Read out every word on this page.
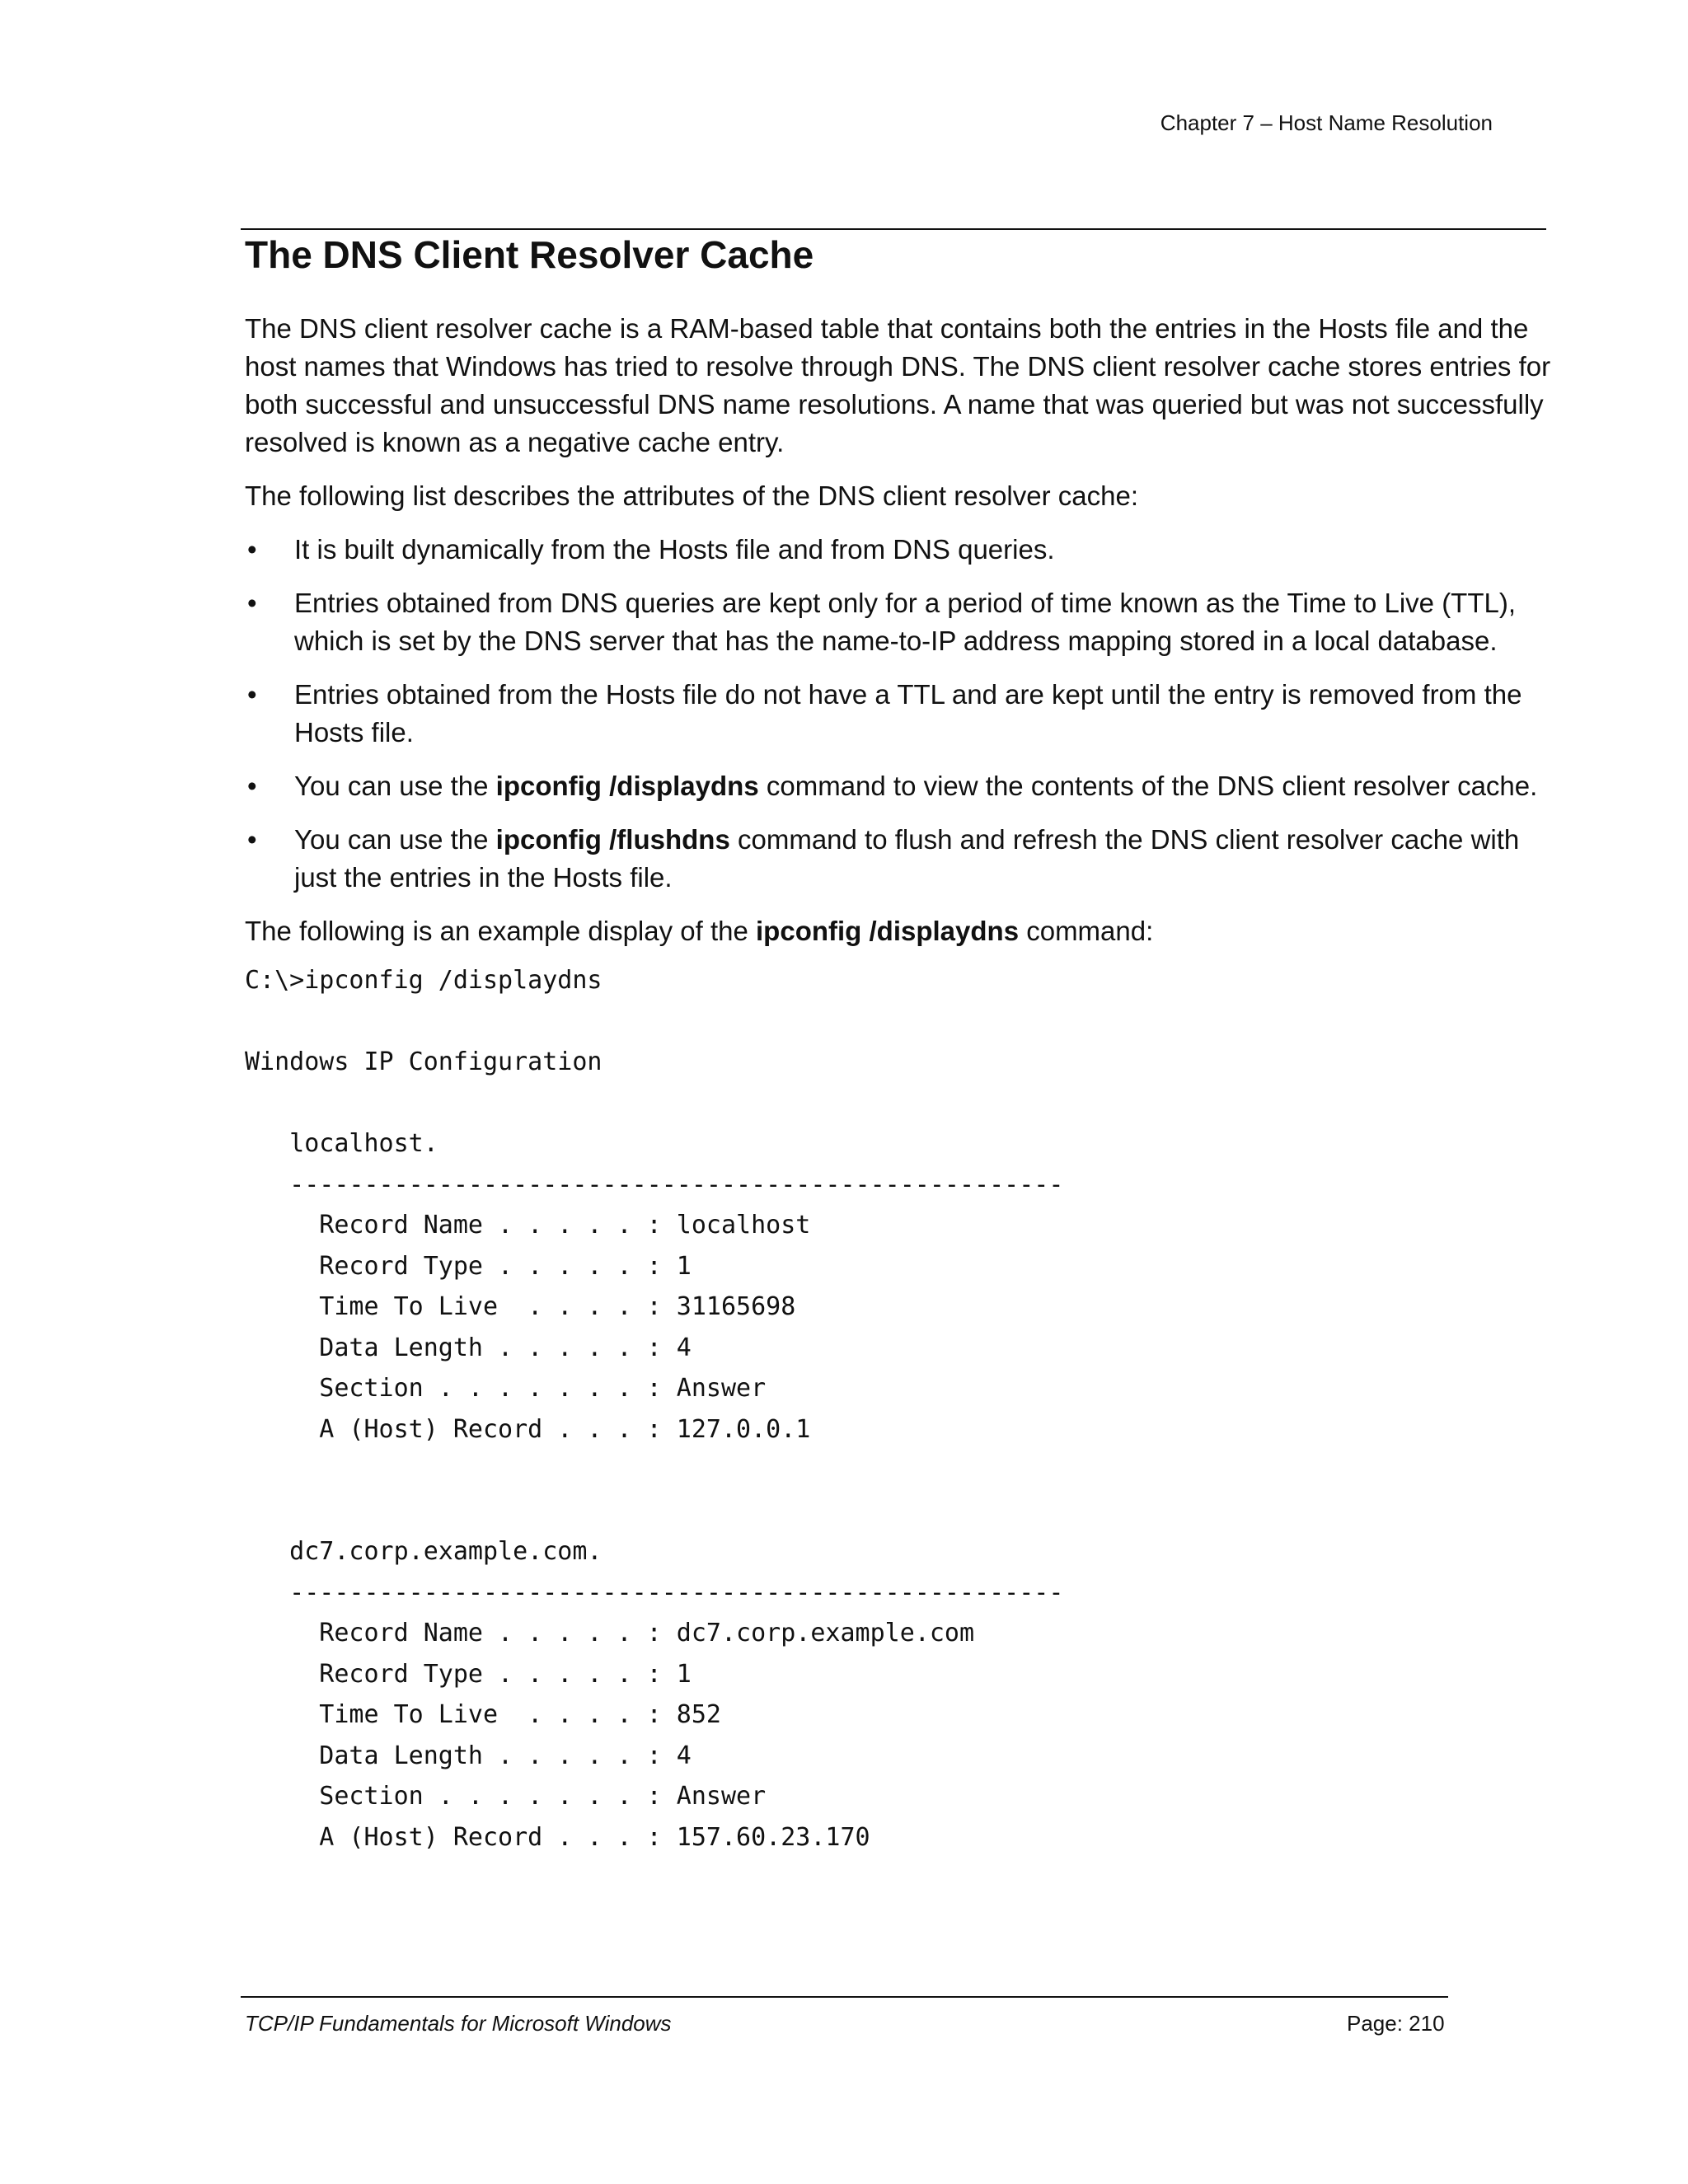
Chapter 7 – Host Name Resolution
The DNS Client Resolver Cache

The DNS client resolver cache is a RAM-based table that contains both the entries in the Hosts file and the host names that Windows has tried to resolve through DNS. The DNS client resolver cache stores entries for both successful and unsuccessful DNS name resolutions. A name that was queried but was not successfully resolved is known as a negative cache entry.

The following list describes the attributes of the DNS client resolver cache:

• It is built dynamically from the Hosts file and from DNS queries.
• Entries obtained from DNS queries are kept only for a period of time known as the Time to Live (TTL), which is set by the DNS server that has the name-to-IP address mapping stored in a local database.
• Entries obtained from the Hosts file do not have a TTL and are kept until the entry is removed from the Hosts file.
• You can use the ipconfig /displaydns command to view the contents of the DNS client resolver cache.
• You can use the ipconfig /flushdns command to flush and refresh the DNS client resolver cache with just the entries in the Hosts file.

The following is an example display of the ipconfig /displaydns command:

C:\>ipconfig /displaydns

Windows IP Configuration

localhost.
----------------------------------------------------
Record Name . . . . . : localhost
Record Type . . . . . : 1
Time To Live  . . . . : 31165698
Data Length . . . . . : 4
Section . . . . . . . : Answer
A (Host) Record . . . : 127.0.0.1

dc7.corp.example.com.
----------------------------------------------------
Record Name . . . . . : dc7.corp.example.com
Record Type . . . . . : 1
Time To Live  . . . . : 852
Data Length . . . . . : 4
Section . . . . . . . : Answer
A (Host) Record . . . : 157.60.23.170
TCP/IP Fundamentals for Microsoft Windows	Page: 210
